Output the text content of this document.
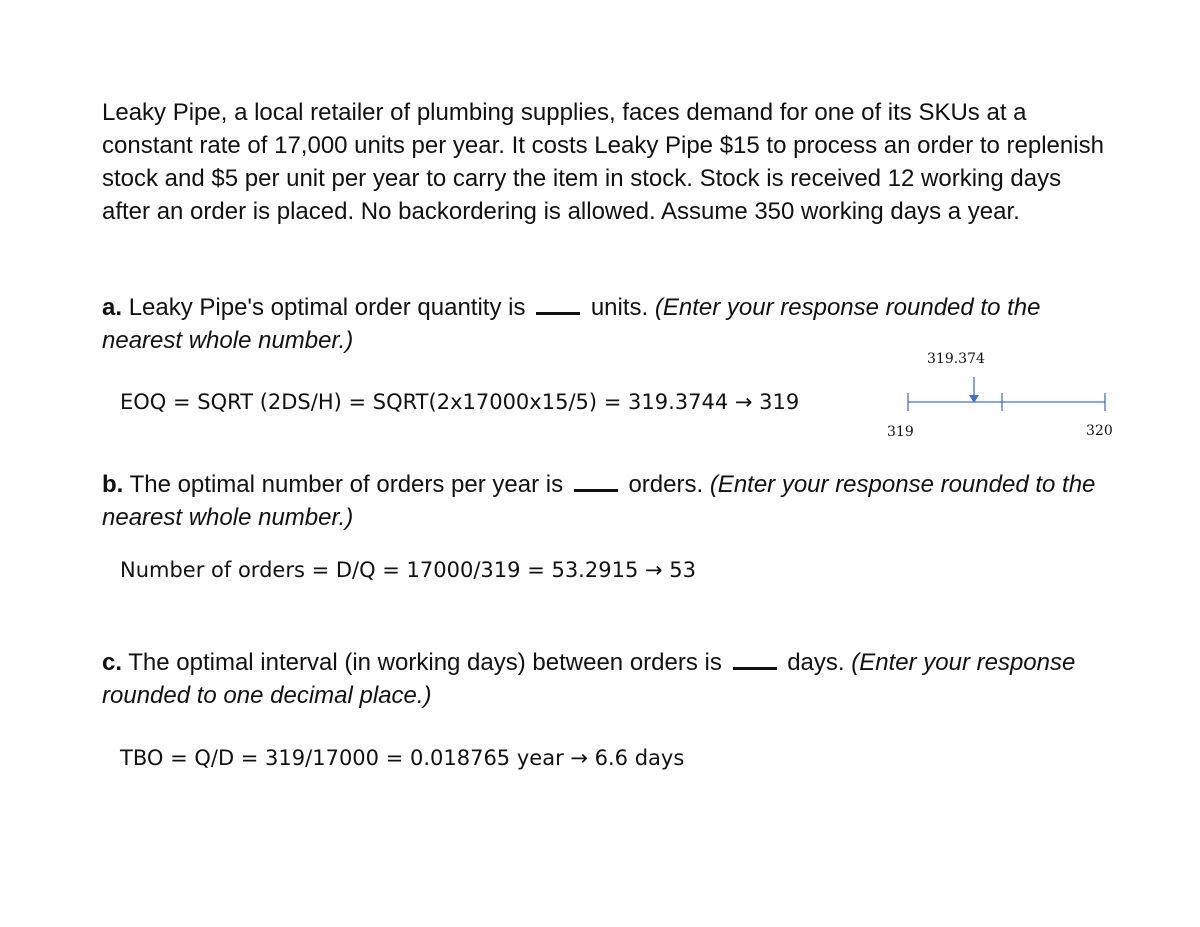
Leaky Pipe, a local retailer of plumbing supplies, faces demand for one of its SKUs at a constant rate of 17,000 units per year. It costs Leaky Pipe $15 to process an order to replenish stock and $5 per unit per year to carry the item in stock. Stock is received 12 working days after an order is placed. No backordering is allowed. Assume 350 working days a year.

a. Leaky Pipe's optimal order quantity is	units. (Enter your response rounded to the nearest whole number.)

EOQ = SQRT (2DS/H) = SQRT(2x17000x15/5) = 319.3744 → 319
319.374
319	320

b. The optimal number of orders per year is	orders. (Enter your response rounded to the nearest whole number.)

Number of orders = D/Q = 17000/319 = 53.2915 → 53

c. The optimal interval (in working days) between orders is	days. (Enter your response rounded to one decimal place.)

TBO = Q/D = 319/17000 = 0.018765 year → 6.6 days
